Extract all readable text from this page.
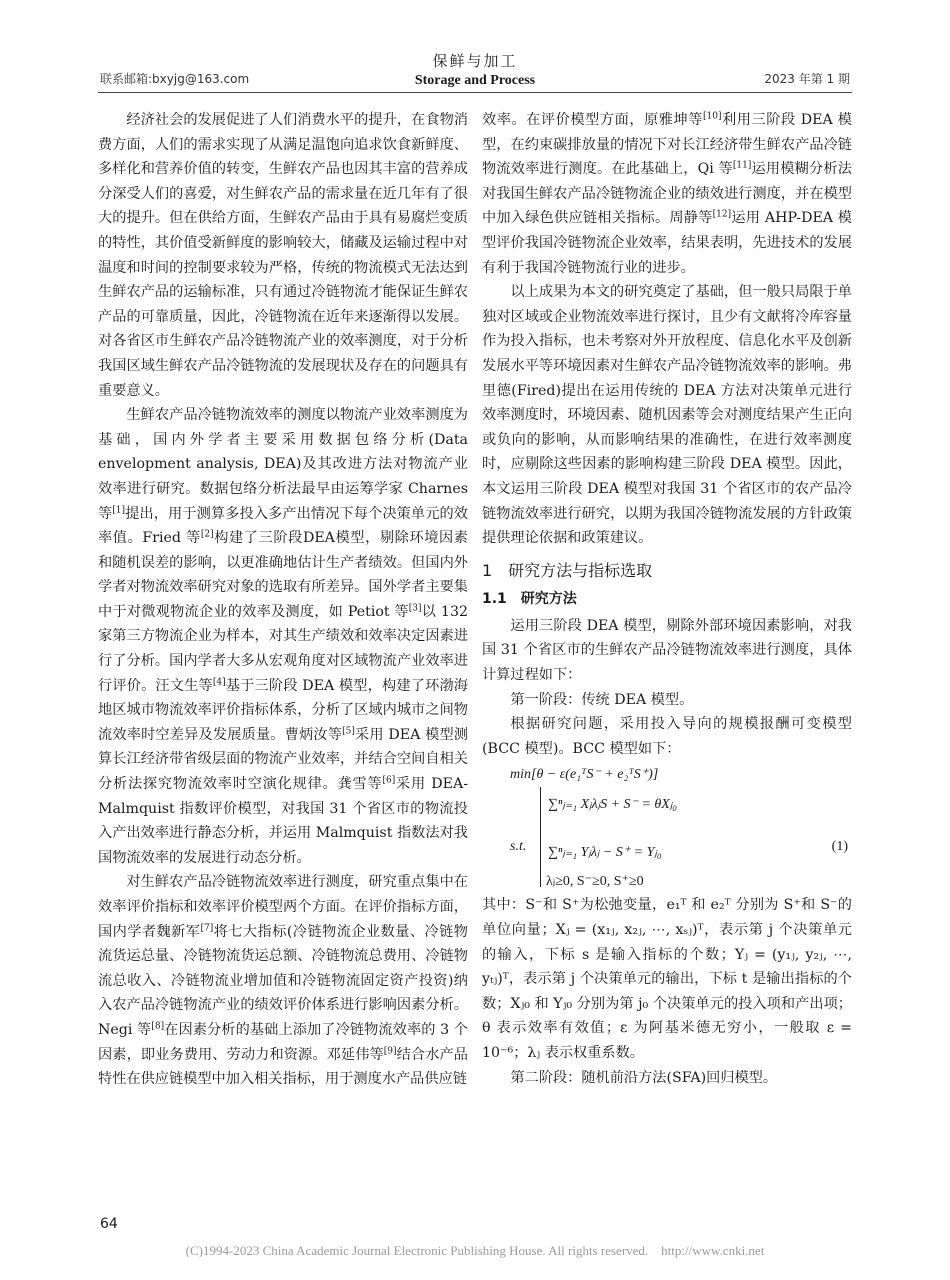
联系邮箱:bxyjg@163.com
保鲜与加工
Storage and Process	2023 年第 1 期

经济社会的发展促进了人们消费水平的提升，在食物消费方面，人们的需求实现了从满足温饱向追求饮食新鲜度、多样化和营养价值的转变，生鲜农产品也因其丰富的营养成分深受人们的喜爱，对生鲜农产品的需求量在近几年有了很大的提升。但在供给方面，生鲜农产品由于具有易腐烂变质的特性，其价值受新鲜度的影响较大，储藏及运输过程中对温度和时间的控制要求较为严格，传统的物流模式无法达到生鲜农产品的运输标准，只有通过冷链物流才能保证生鲜农产品的可靠质量，因此，冷链物流在近年来逐渐得以发展。对各省区市生鲜农产品冷链物流产业的效率测度，对于分析我国区域生鲜农产品冷链物流的发展现状及存在的问题具有重要意义。

生鲜农产品冷链物流效率的测度以物流产业效率测度为基础，国内外学者主要采用数据包络分析(Data envelopment analysis, DEA)及其改进方法对物流产业效率进行研究。数据包络分析法最早由运筹学家 Charnes 等[1]提出，用于测算多投入多产出情况下每个决策单元的效率值。Fried 等[2]构建了三阶段DEA模型，剔除环境因素和随机误差的影响，以更准确地估计生产者绩效。但国内外学者对物流效率研究对象的选取有所差异。国外学者主要集中于对微观物流企业的效率及测度，如 Petiot 等[3]以 132 家第三方物流企业为样本，对其生产绩效和效率决定因素进行了分析。国内学者大多从宏观角度对区域物流产业效率进行评价。汪文生等[4]基于三阶段 DEA 模型，构建了环渤海地区城市物流效率评价指标体系，分析了区域内城市之间物流效率时空差异及发展质量。曹炳汝等[5]采用 DEA 模型测算长江经济带省级层面的物流产业效率，并结合空间自相关分析法探究物流效率时空演化规律。龚雪等[6]采用 DEA-Malmquist 指数评价模型，对我国 31 个省区市的物流投入产出效率进行静态分析，并运用 Malmquist 指数法对我国物流效率的发展进行动态分析。

对生鲜农产品冷链物流效率进行测度，研究重点集中在效率评价指标和效率评价模型两个方面。在评价指标方面，国内学者魏新军[7]将七大指标(冷链物流企业数量、冷链物流货运总量、冷链物流货运总额、冷链物流总费用、冷链物流总收入、冷链物流业增加值和冷链物流固定资产投资)纳入农产品冷链物流产业的绩效评价体系进行影响因素分析。Negi 等[8]在因素分析的基础上添加了冷链物流效率的 3 个因素，即业务费用、劳动力和资源。邓延伟等[9]结合水产品特性在供应链模型中加入相关指标，用于测度水产品供应链

效率。在评价模型方面，原雅坤等[10]利用三阶段 DEA 模型，在约束碳排放量的情况下对长江经济带生鲜农产品冷链物流效率进行测度。在此基础上，Qi 等[11]运用模糊分析法对我国生鲜农产品冷链物流企业的绩效进行测度，并在模型中加入绿色供应链相关指标。周静等[12]运用 AHP-DEA 模型评价我国冷链物流企业效率，结果表明，先进技术的发展有利于我国冷链物流行业的进步。

以上成果为本文的研究奠定了基础，但一般只局限于单独对区域或企业物流效率进行探讨，且少有文献将冷库容量作为投入指标，也未考察对外开放程度、信息化水平及创新发展水平等环境因素对生鲜农产品冷链物流效率的影响。弗里德(Fired)提出在运用传统的 DEA 方法对决策单元进行效率测度时，环境因素、随机因素等会对测度结果产生正向或负向的影响，从而影响结果的准确性，在进行效率测度时，应剔除这些因素的影响构建三阶段 DEA 模型。因此，本文运用三阶段 DEA 模型对我国 31 个省区市的农产品冷链物流效率进行研究，以期为我国冷链物流发展的方针政策提供理论依据和政策建议。

1　研究方法与指标选取
1.1　研究方法

运用三阶段 DEA 模型，剔除外部环境因素影响，对我国 31 个省区市的生鲜农产品冷链物流效率进行测度，具体计算过程如下：

第一阶段：传统 DEA 模型。

根据研究问题，采用投入导向的规模报酬可变模型(BCC 模型)。BCC 模型如下：

min[θ − ε(e₁ᵀS⁻ + e₂ᵀS⁺)]
s.t.
∑ⁿⱼ₌₁ XⱼλⱼS + S⁻ = θXⱼ₀
∑ⁿⱼ₌₁ Yⱼλⱼ − S⁺ = Yⱼ₀
λⱼ≥0, S⁻≥0, S⁺≥0
(1)

其中：S⁻和 S⁺为松弛变量，e₁ᵀ 和 e₂ᵀ 分别为 S⁺和 S⁻的单位向量；Xⱼ = (x₁ⱼ, x₂ⱼ, ⋯, xₛⱼ)ᵀ，表示第 j 个决策单元的输入，下标 s 是输入指标的个数；Yⱼ = (y₁ⱼ, y₂ⱼ, ⋯, yₜⱼ)ᵀ，表示第 j 个决策单元的输出，下标 t 是输出指标的个数；Xⱼ₀ 和 Yⱼ₀ 分别为第 j₀ 个决策单元的投入项和产出项；θ 表示效率有效值；ε 为阿基米德无穷小，一般取 ε = 10⁻⁶；λⱼ 表示权重系数。

第二阶段：随机前沿方法(SFA)回归模型。

64
(C)1994-2023 China Academic Journal Electronic Publishing House. All rights reserved.　http://www.cnki.net
